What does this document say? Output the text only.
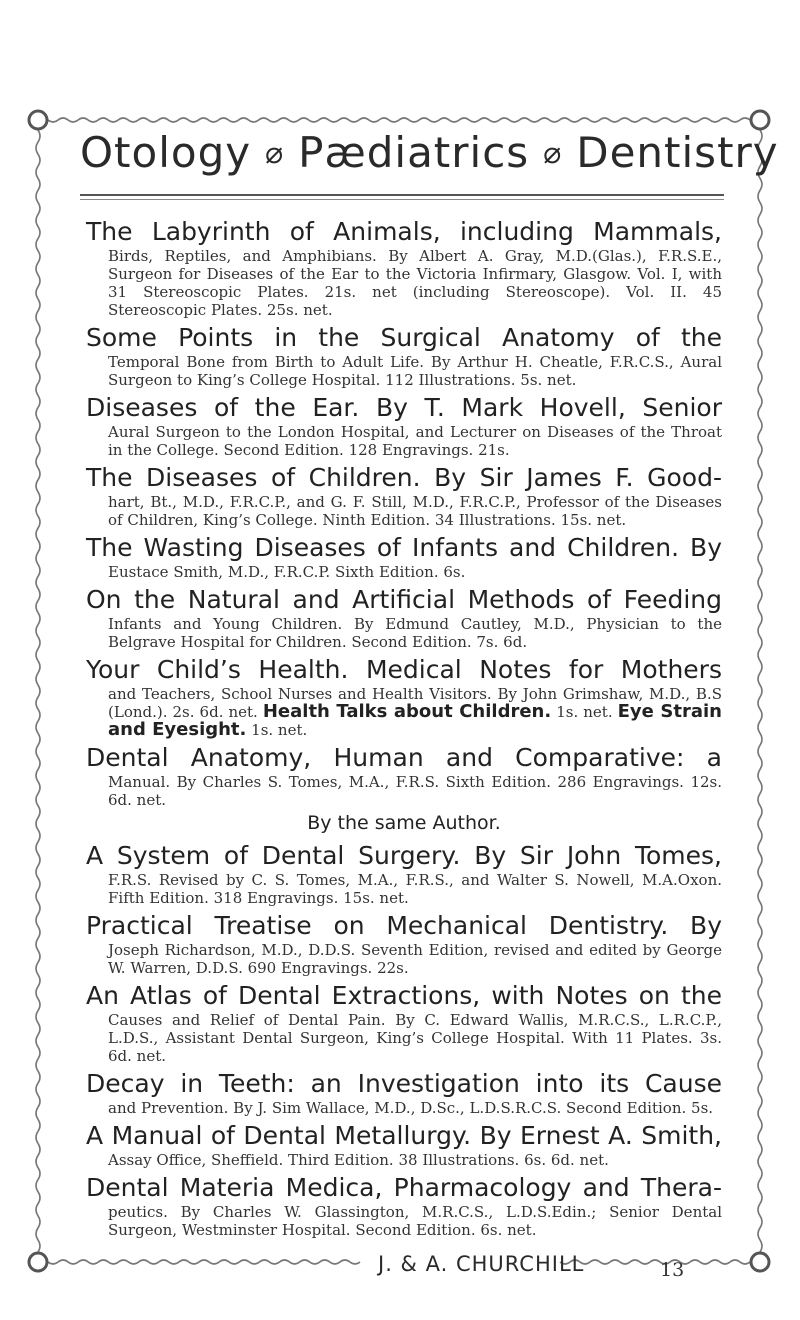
Otology ⌀ Pædiatrics ⌀ Dentistry
The Labyrinth of Animals, including Mammals,
Birds, Reptiles, and Amphibians. By Albert A. Gray, M.D.(Glas.), F.R.S.E., Surgeon for Diseases of the Ear to the Victoria Infirmary, Glasgow. Vol. I, with 31 Stereoscopic Plates. 21s. net (including Stereoscope). Vol. II. 45 Stereoscopic Plates. 25s. net.
Some Points in the Surgical Anatomy of the
Temporal Bone from Birth to Adult Life. By Arthur H. Cheatle, F.R.C.S., Aural Surgeon to King’s College Hospital. 112 Illustrations. 5s. net.
Diseases of the Ear. By T. Mark Hovell, Senior
Aural Surgeon to the London Hospital, and Lecturer on Diseases of the Throat in the College. Second Edition. 128 Engravings. 21s.
The Diseases of Children. By Sir James F. Good-
hart, Bt., M.D., F.R.C.P., and G. F. Still, M.D., F.R.C.P., Professor of the Diseases of Children, King’s College. Ninth Edition. 34 Illustrations. 15s. net.
The Wasting Diseases of Infants and Children. By
Eustace Smith, M.D., F.R.C.P. Sixth Edition. 6s.
On the Natural and Artificial Methods of Feeding
Infants and Young Children. By Edmund Cautley, M.D., Physician to the Belgrave Hospital for Children. Second Edition. 7s. 6d.
Your Child’s Health. Medical Notes for Mothers
and Teachers, School Nurses and Health Visitors. By John Grimshaw, M.D., B.S (Lond.). 2s. 6d. net. Health Talks about Children. 1s. net. Eye Strain and Eyesight. 1s. net.
Dental Anatomy, Human and Comparative: a
Manual. By Charles S. Tomes, M.A., F.R.S. Sixth Edition. 286 Engravings. 12s. 6d. net.
By the same Author.
A System of Dental Surgery. By Sir John Tomes,
F.R.S. Revised by C. S. Tomes, M.A., F.R.S., and Walter S. Nowell, M.A.Oxon. Fifth Edition. 318 Engravings. 15s. net.
Practical Treatise on Mechanical Dentistry. By
Joseph Richardson, M.D., D.D.S. Seventh Edition, revised and edited by George W. Warren, D.D.S. 690 Engravings. 22s.
An Atlas of Dental Extractions, with Notes on the
Causes and Relief of Dental Pain. By C. Edward Wallis, M.R.C.S., L.R.C.P., L.D.S., Assistant Dental Surgeon, King’s College Hospital. With 11 Plates. 3s. 6d. net.
Decay in Teeth: an Investigation into its Cause
and Prevention. By J. Sim Wallace, M.D., D.Sc., L.D.S.R.C.S. Second Edition. 5s.
A Manual of Dental Metallurgy. By Ernest A. Smith,
Assay Office, Sheffield. Third Edition. 38 Illustrations. 6s. 6d. net.
Dental Materia Medica, Pharmacology and Thera-
peutics. By Charles W. Glassington, M.R.C.S., L.D.S.Edin.; Senior Dental Surgeon, Westminster Hospital. Second Edition. 6s. net.
J. & A. CHURCHILL	13
